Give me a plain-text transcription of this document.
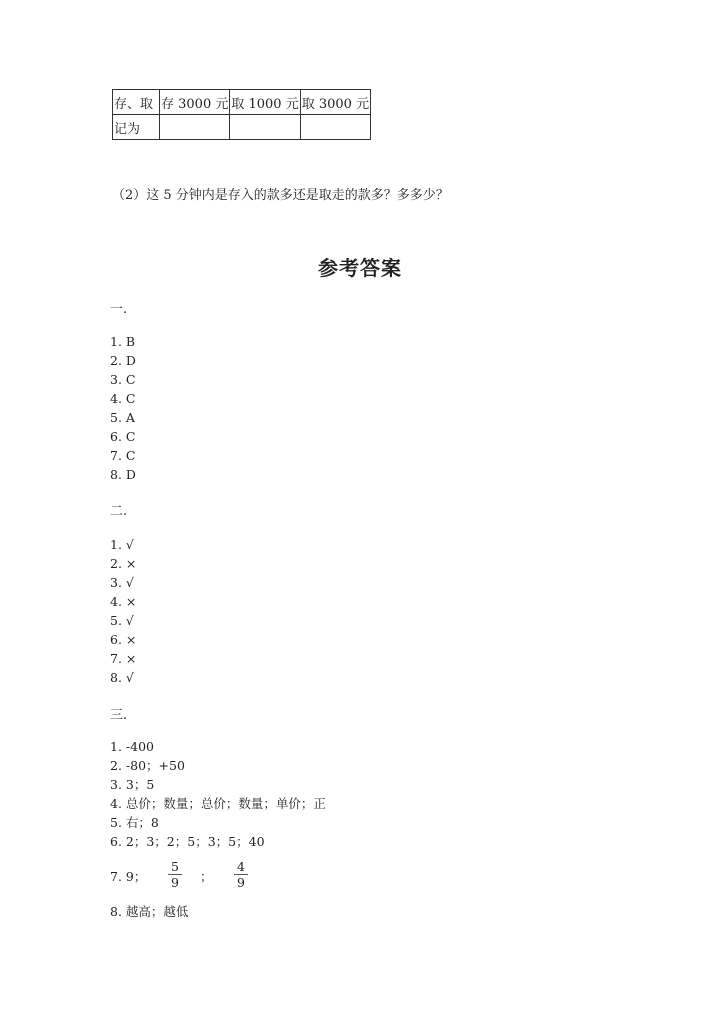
存、取	存 3000 元	取 1000 元	取 3000 元
记为			
（2）这 5 分钟内是存入的款多还是取走的款多？多多少？
参考答案
一.
1. B
2. D
3. C
4. C
5. A
6. C
7. C
8. D
二.
1. √
2. ×
3. √
4. ×
5. √
6. ×
7. ×
8. √
三.
1. -400
2. -80；+50
3. 3；5
4. 总价；数量；总价；数量；单价；正
5. 右；8
6. 2；3；2；5；3；5；40
7. 9；
5
9 ；
4
9
8. 越高；越低
